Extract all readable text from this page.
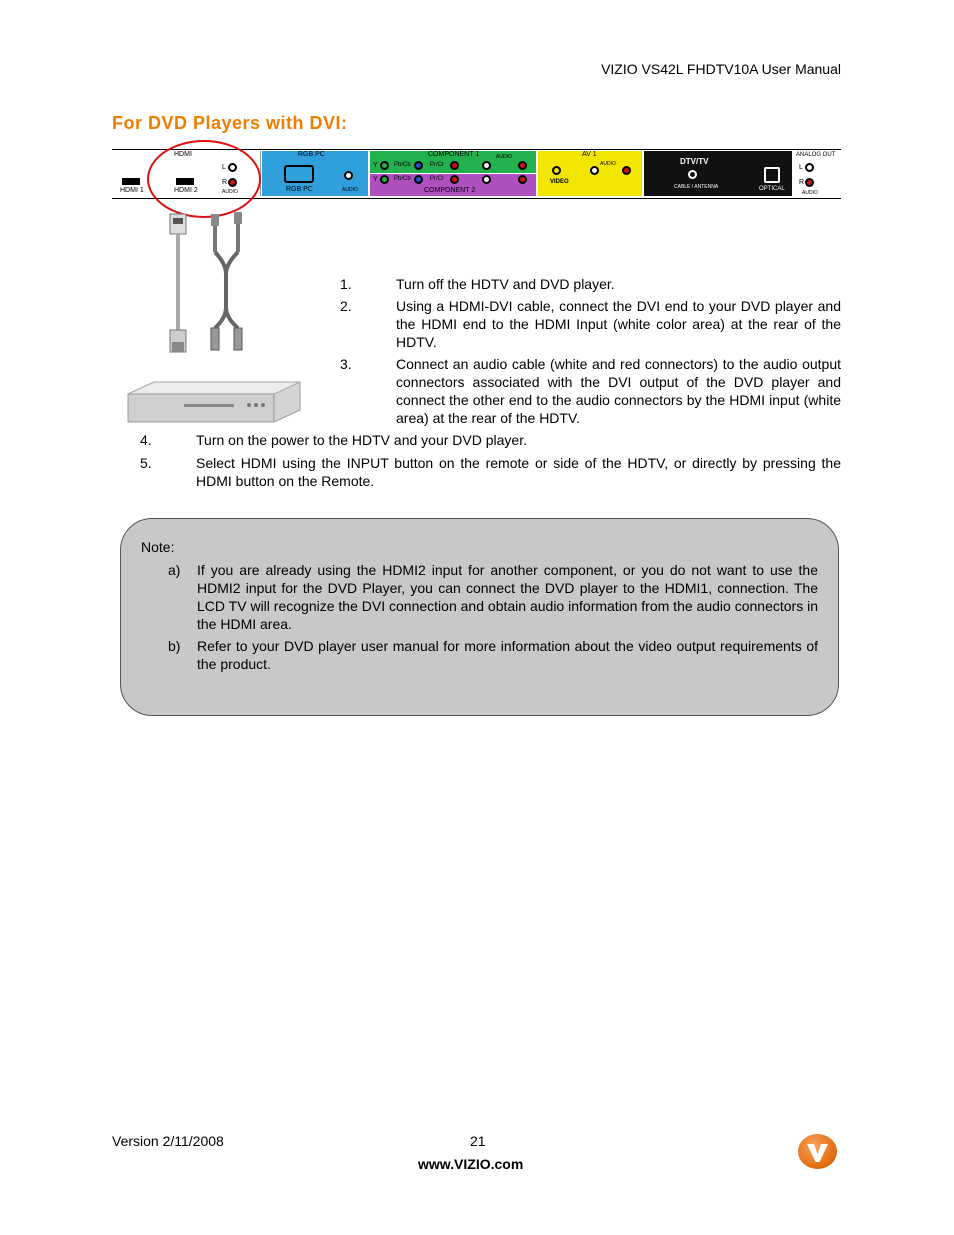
VIZIO VS42L FHDTV10A User Manual
For DVD Players with DVI:
HDMI
HDMI 1	HDMI 2
L
R
AUDIO
RGB PC
RGB PC	AUDIO
COMPONENT 1
Y	Pb/Cb	Pr/Cr
AUDIO
Y	Pb/Cb	Pr/Cr
COMPONENT 2
AV 1
VIDEO
AUDIO	DTV/TV
CABLE / ANTENNA	OPTICAL
ANALOG OUT
L
R
AUDIO
1.	Turn off the HDTV and DVD player.
2.	Using a HDMI-DVI cable, connect the DVI end to your DVD player and the HDMI end to the HDMI Input (white color area) at the rear of the HDTV.
3.	Connect an audio cable (white and red connectors) to the audio output connectors associated with the DVI output of the DVD player and connect the other end to the audio connectors by the HDMI input (white area) at the rear of the HDTV.
4.	Turn on the power to the HDTV and your DVD player.
5.	Select HDMI using the INPUT button on the remote or side of the HDTV, or directly by pressing the HDMI button on the Remote.
Note:
a) If you are already using the HDMI2 input for another component, or you do not want to use the HDMI2 input for the DVD Player, you can connect the DVD player to the HDMI1, connection. The LCD TV will recognize the DVI connection and obtain audio information from the audio connectors in the HDMI area.
b) Refer to your DVD player user manual for more information about the video output requirements of the product.
Version 2/11/2008	21
www.VIZIO.com
